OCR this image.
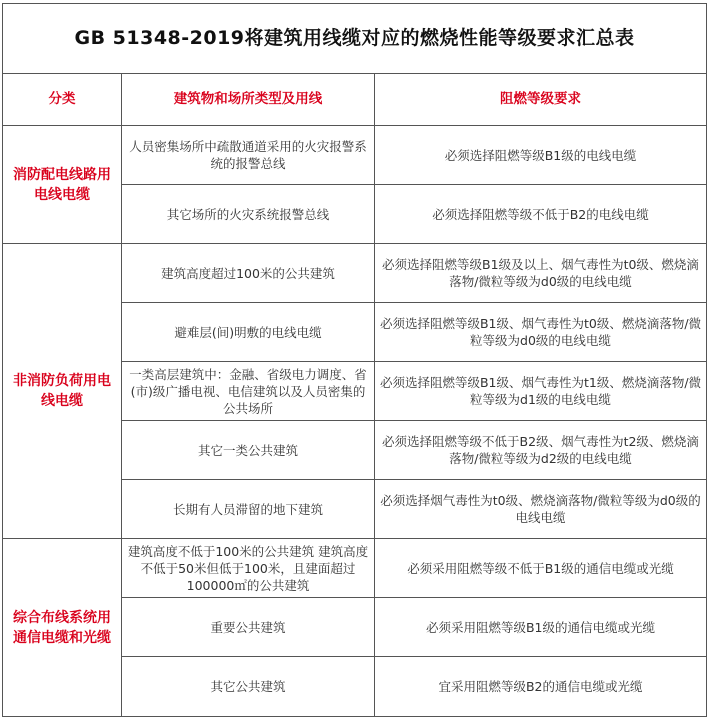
GB 51348-2019将建筑用线缆对应的燃烧性能等级要求汇总表		
分类	建筑物和场所类型及用线	阻燃等级要求
消防配电线路用电线电缆	人员密集场所中疏散通道采用的火灾报警系统的报警总线	必须选择阻燃等级B1级的电线电缆
	其它场所的火灾系统报警总线	必须选择阻燃等级不低于B2的电线电缆
非消防负荷用电线电缆	建筑高度超过100米的公共建筑	必须选择阻燃等级B1级及以上、烟气毒性为t0级、燃烧滴落物/微粒等级为d0级的电线电缆
	避难层(间)明敷的电线电缆	必须选择阻燃等级B1级、烟气毒性为t0级、燃烧滴落物/微粒等级为d0级的电线电缆
	一类高层建筑中：金融、省级电力调度、省(市)级广播电视、电信建筑以及人员密集的公共场所	必须选择阻燃等级B1级、烟气毒性为t1级、燃烧滴落物/微粒等级为d1级的电线电缆
	其它一类公共建筑	必须选择阻燃等级不低于B2级、烟气毒性为t2级、燃烧滴落物/微粒等级为d2级的电线电缆
	长期有人员滞留的地下建筑	必须选择烟气毒性为t0级、燃烧滴落物/微粒等级为d0级的电线电缆
综合布线系统用通信电缆和光缆	建筑高度不低于100米的公共建筑 建筑高度不低于50米但低于100米，且建面超过100000㎡的公共建筑	必须采用阻燃等级不低于B1级的通信电缆或光缆
	重要公共建筑	必须采用阻燃等级B1级的通信电缆或光缆
	其它公共建筑	宜采用阻燃等级B2的通信电缆或光缆
